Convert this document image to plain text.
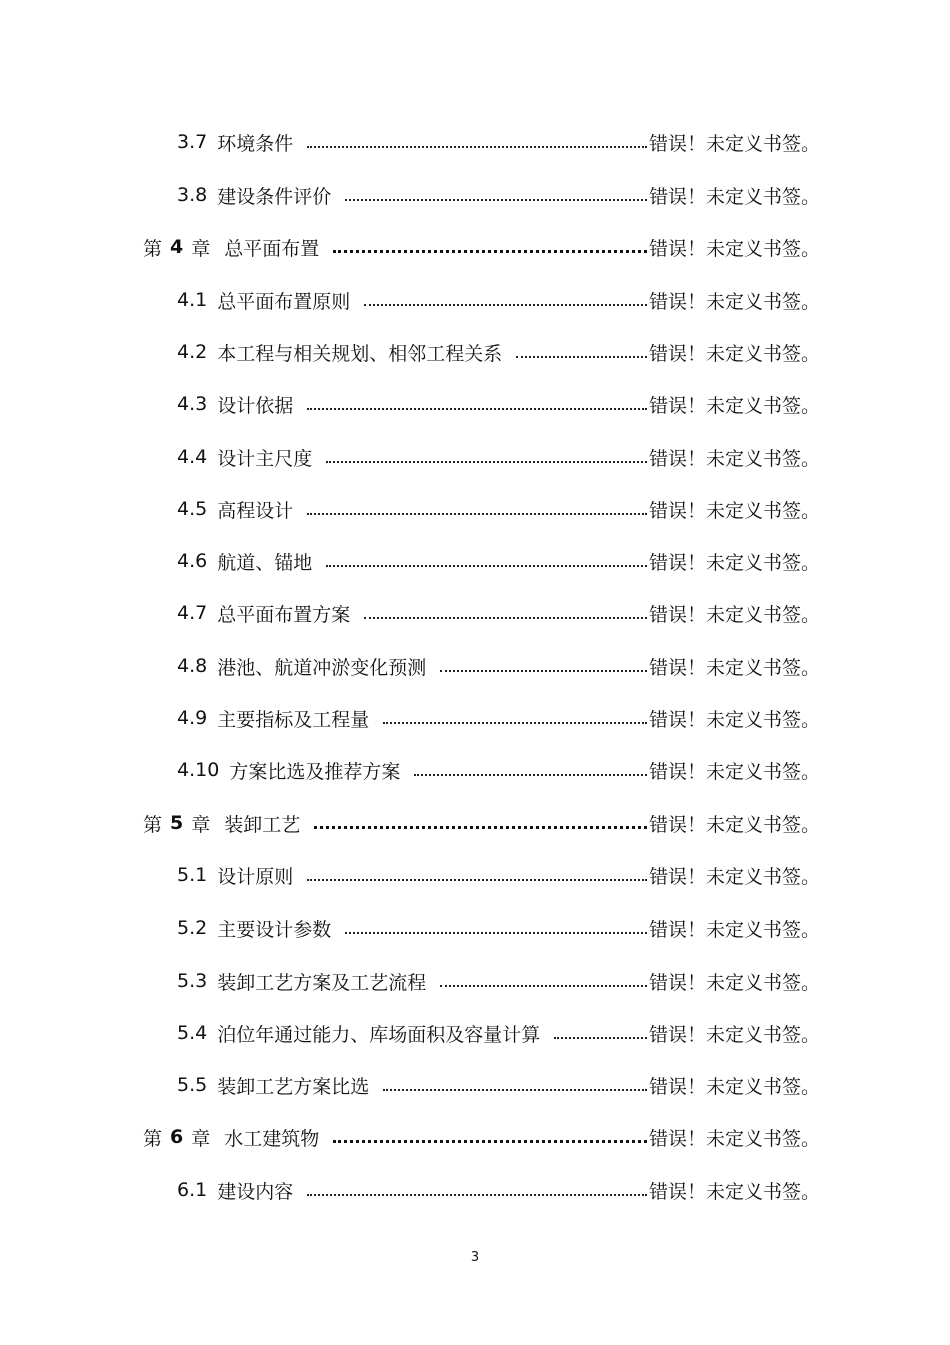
3.7 环境条件	错误！未定义书签。
3.8 建设条件评价	错误！未定义书签。
第 4 章 总平面布置	错误！未定义书签。
4.1 总平面布置原则	错误！未定义书签。
4.2 本工程与相关规划、相邻工程关系	错误！未定义书签。
4.3 设计依据	错误！未定义书签。
4.4 设计主尺度	错误！未定义书签。
4.5 高程设计	错误！未定义书签。
4.6 航道、锚地	错误！未定义书签。
4.7 总平面布置方案	错误！未定义书签。
4.8 港池、航道冲淤变化预测	错误！未定义书签。
4.9 主要指标及工程量	错误！未定义书签。
4.10 方案比选及推荐方案	错误！未定义书签。
第 5 章 装卸工艺	错误！未定义书签。
5.1 设计原则	错误！未定义书签。
5.2 主要设计参数	错误！未定义书签。
5.3 装卸工艺方案及工艺流程	错误！未定义书签。
5.4 泊位年通过能力、库场面积及容量计算	错误！未定义书签。
5.5 装卸工艺方案比选	错误！未定义书签。
第 6 章 水工建筑物	错误！未定义书签。
6.1 建设内容	错误！未定义书签。
3
